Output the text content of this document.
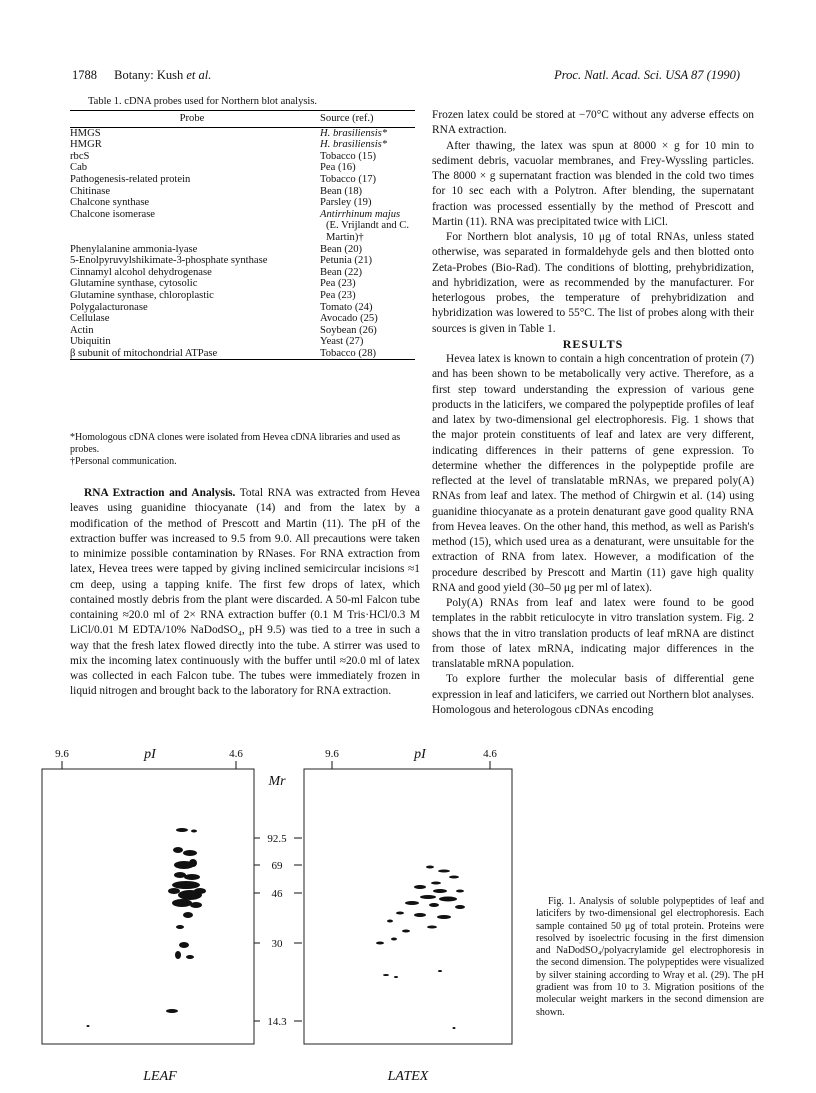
1788 Botany: Kush et al.	Proc. Natl. Acad. Sci. USA 87 (1990)
Table 1. cDNA probes used for Northern blot analysis.
Probe	Source (ref.)
HMGS	H. brasiliensis*
HMGR	H. brasiliensis*
rbcS	Tobacco (15)
Cab	Pea (16)
Pathogenesis-related protein	Tobacco (17)
Chitinase	Bean (18)
Chalcone synthase	Parsley (19)
Chalcone isomerase	Antirrhinum majus
(E. Vrijlandt and C. Martin)†

Phenylalanine ammonia-lyase	Bean (20)
5-Enolpyruvylshikimate-3-phosphate synthase	Petunia (21)
Cinnamyl alcohol dehydrogenase	Bean (22)
Glutamine synthase, cytosolic	Pea (23)
Glutamine synthase, chloroplastic	Pea (23)
Polygalacturonase	Tomato (24)
Cellulase	Avocado (25)
Actin	Soybean (26)
Ubiquitin	Yeast (27)
β subunit of mitochondrial ATPase	Tobacco (28)
*Homologous cDNA clones were isolated from Hevea cDNA libraries and used as probes.
†Personal communication.

RNA Extraction and Analysis. Total RNA was extracted from Hevea leaves using guanidine thiocyanate (14) and from the latex by a modification of the method of Prescott and Martin (11). The pH of the extraction buffer was increased to 9.5 from 9.0. All precautions were taken to minimize possible contamination by RNases. For RNA extraction from latex, Hevea trees were tapped by giving inclined semicircular incisions ≈1 cm deep, using a tapping knife. The first few drops of latex, which contained mostly debris from the plant were discarded. A 50-ml Falcon tube containing ≈20.0 ml of 2× RNA extraction buffer (0.1 M Tris·HCl/0.3 M LiCl/0.01 M EDTA/10% NaDodSO₄, pH 9.5) was tied to a tree in such a way that the fresh latex flowed directly into the tube. A stirrer was used to mix the incoming latex continuously with the buffer until ≈20.0 ml of latex was collected in each Falcon tube. The tubes were immediately frozen in liquid nitrogen and brought back to the laboratory for RNA extraction.

Frozen latex could be stored at −70°C without any adverse effects on RNA extraction.

After thawing, the latex was spun at 8000 × g for 10 min to sediment debris, vacuolar membranes, and Frey-Wyssling particles. The 8000 × g supernatant fraction was blended in the cold two times for 10 sec each with a Polytron. After blending, the supernatant fraction was processed essentially by the method of Prescott and Martin (11). RNA was precipitated twice with LiCl.

For Northern blot analysis, 10 μg of total RNAs, unless stated otherwise, was separated in formaldehyde gels and then blotted onto Zeta-Probes (Bio-Rad). The conditions of blotting, prehybridization, and hybridization, were as recommended by the manufacturer. For heterlogous probes, the temperature of prehybridization and hybridization was lowered to 55°C. The list of probes along with their sources is given in Table 1.

RESULTS

Hevea latex is known to contain a high concentration of protein (7) and has been shown to be metabolically very active. Therefore, as a first step toward understanding the expression of various gene products in the laticifers, we compared the polypeptide profiles of leaf and latex by two-dimensional gel electrophoresis. Fig. 1 shows that the major protein constituents of leaf and latex are very different, indicating differences in their patterns of gene expression. To determine whether the differences in the polypeptide profile are reflected at the level of translatable mRNAs, we prepared poly(A) RNAs from leaf and latex. The method of Chirgwin et al. (14) using guanidine thiocyanate as a protein denaturant gave good quality RNA from Hevea leaves. On the other hand, this method, as well as Parish's method (15), which used urea as a denaturant, were unsuitable for the extraction of RNA from latex. However, a modification of the procedure described by Prescott and Martin (11) gave high quality RNA and good yield (30–50 μg per ml of latex).

Poly(A) RNAs from leaf and latex were found to be good templates in the rabbit reticulocyte in vitro translation system. Fig. 2 shows that the in vitro translation products of leaf mRNA are distinct from those of latex mRNA, indicating major differences in the translatable mRNA population.

To explore further the molecular basis of differential gene expression in leaf and laticifers, we carried out Northern blot analyses. Homologous and heterologous cDNAs encoding

9.6	pI	4.6	9.6	pI	4.6
Mr
92.5
69
46
30
14.3
LEAF	LATEX

Fig. 1. Analysis of soluble polypeptides of leaf and laticifers by two-dimensional gel electrophoresis. Each sample contained 50 μg of total protein. Proteins were resolved by isoelectric focusing in the first dimension and NaDodSO₄/polyacrylamide gel electrophoresis in the second dimension. The polypeptides were visualized by silver staining according to Wray et al. (29). The pH gradient was from 10 to 3. Migration positions of the molecular weight markers in the second dimension are shown.
